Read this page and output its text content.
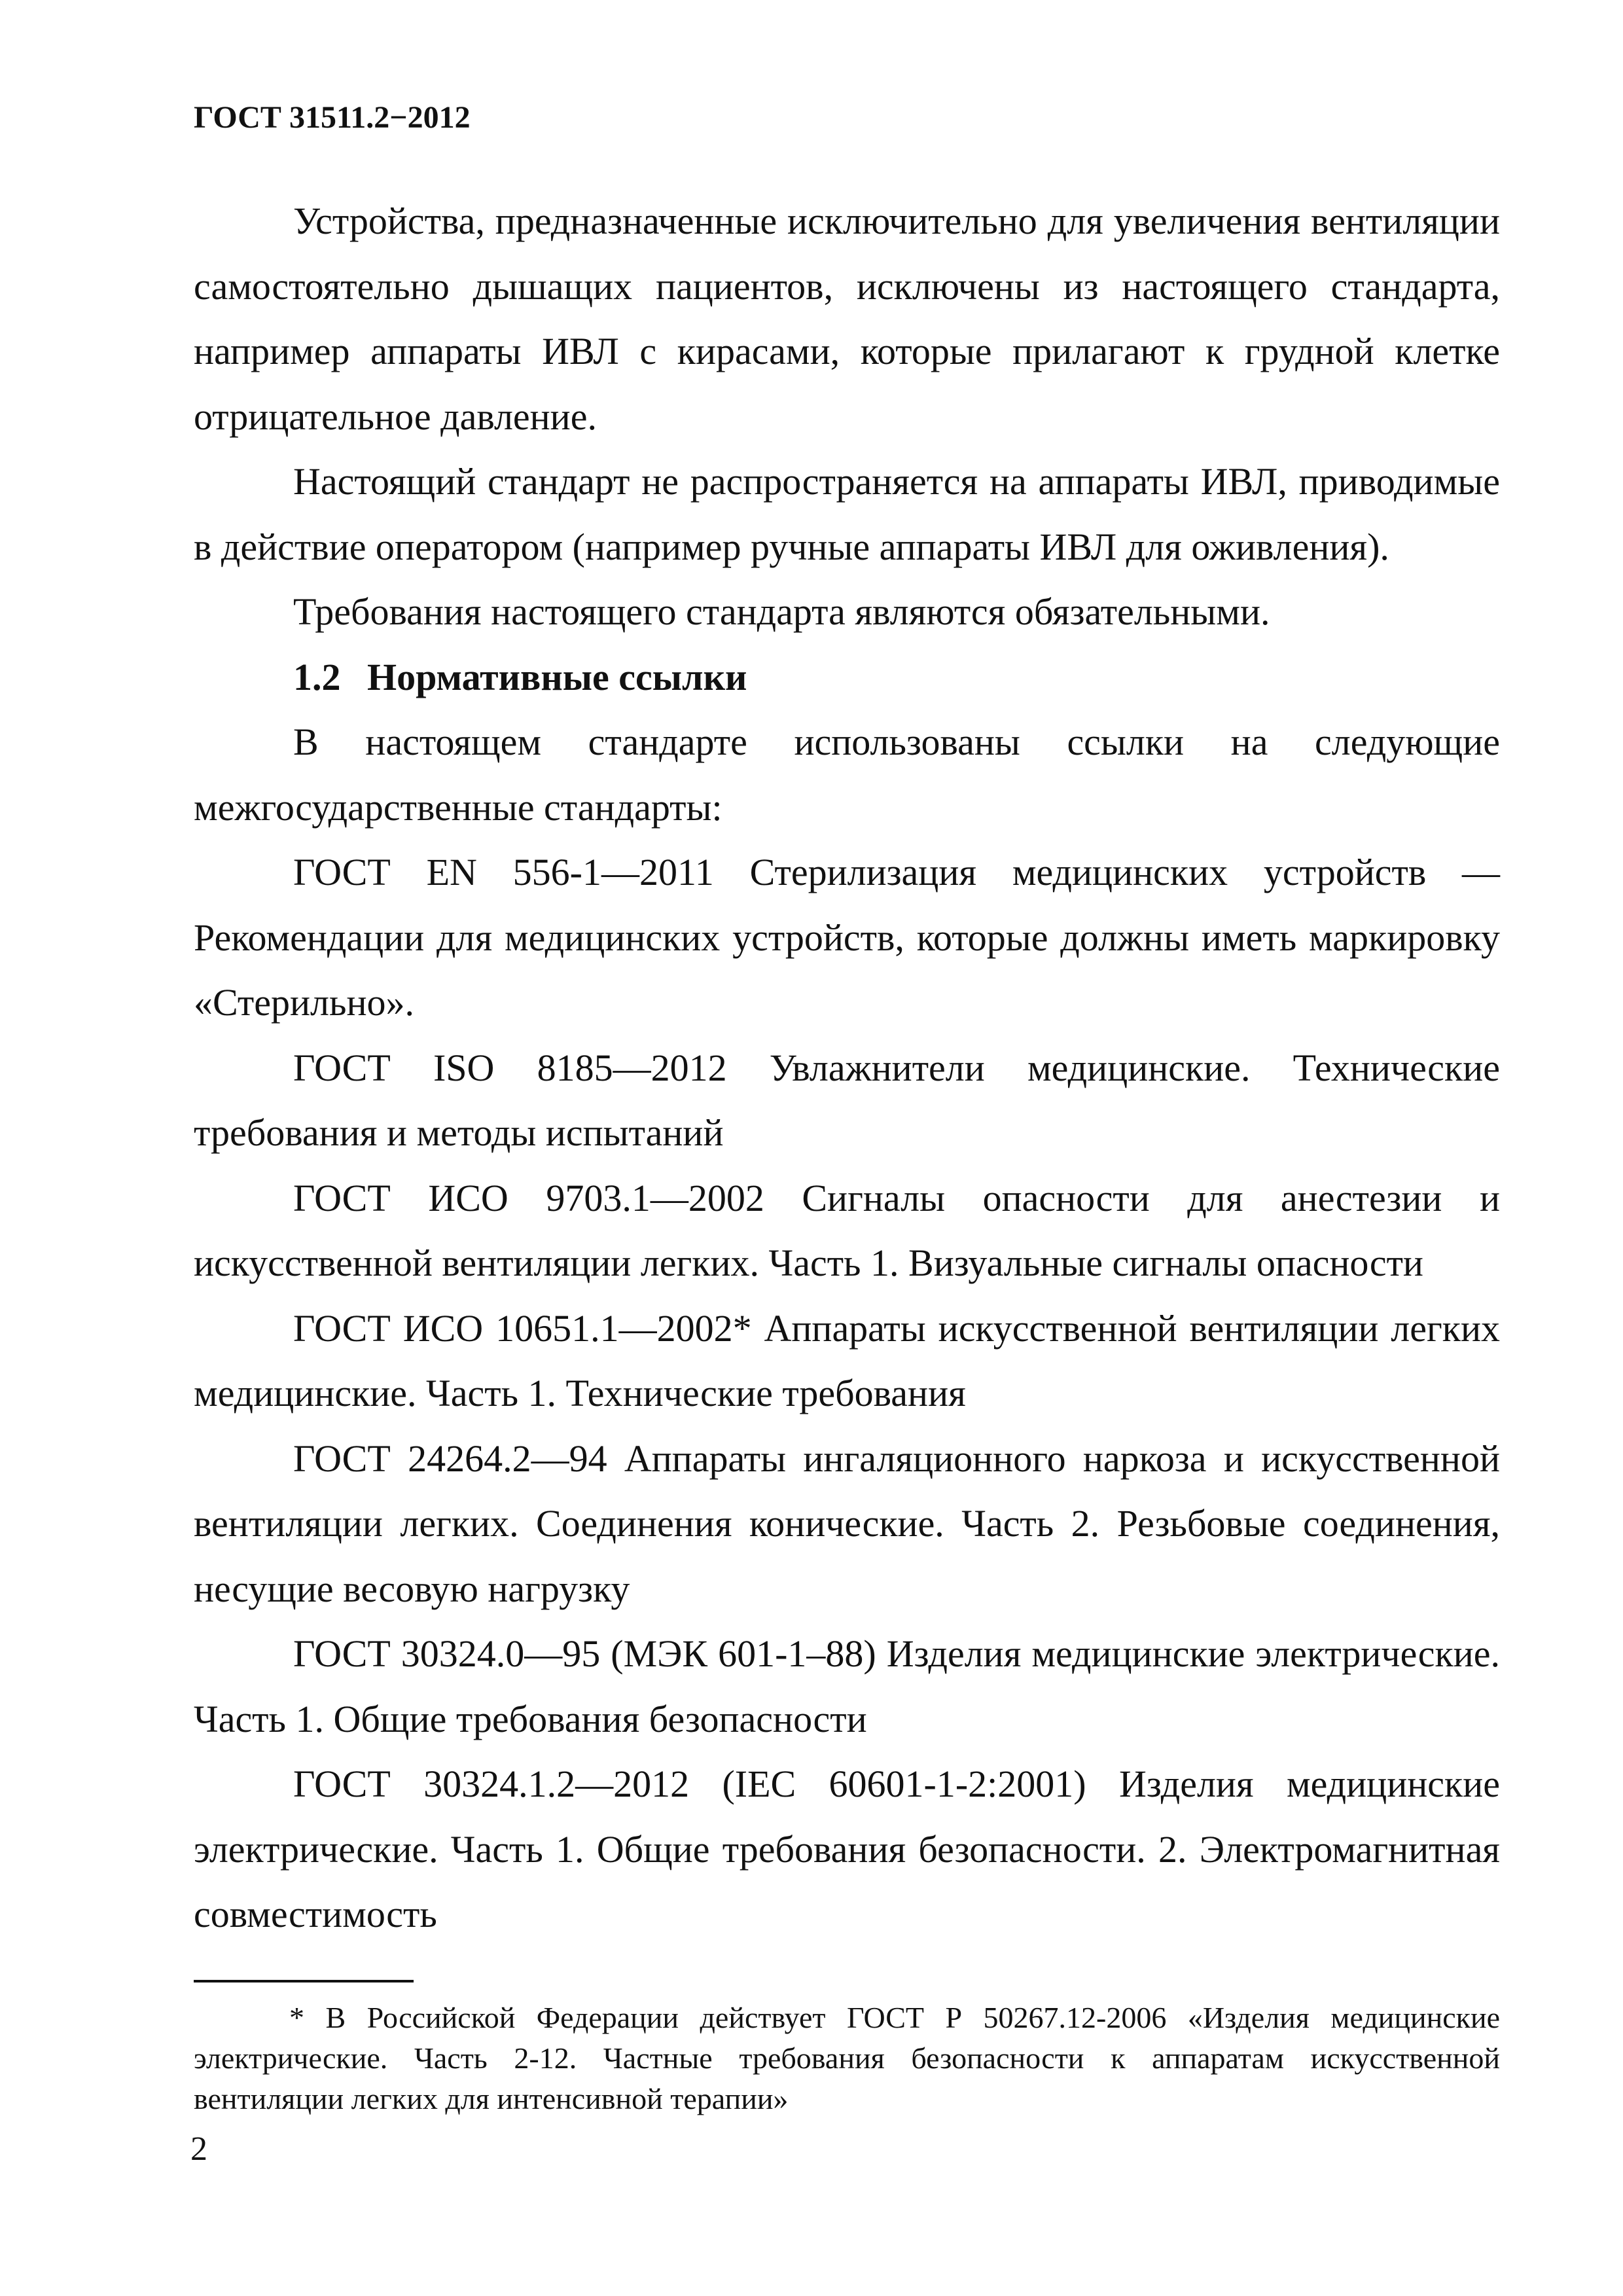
ГОСТ 31511.2−2012

Устройства, предназначенные исключительно для увеличения вентиляции самостоятельно дышащих пациентов, исключены из настоящего стандарта, например аппараты ИВЛ с кирасами, которые прилагают к грудной клетке отрицательное давление.

Настоящий стандарт не распространяется на аппараты ИВЛ, приводимые в действие оператором (например ручные аппараты ИВЛ для оживления).

Требования настоящего стандарта являются обязательными.

1.2 Нормативные ссылки

В настоящем стандарте использованы ссылки на следующие межгосударственные стандарты:

ГОСТ EN 556-1—2011 Стерилизация медицинских устройств — Рекомендации для медицинских устройств, которые должны иметь маркировку «Стерильно».

ГОСТ ISO 8185—2012 Увлажнители медицинские. Технические требования и методы испытаний

ГОСТ ИСО 9703.1—2002 Сигналы опасности для анестезии и искусственной вентиляции легких. Часть 1. Визуальные сигналы опасности

ГОСТ ИСО 10651.1—2002* Аппараты искусственной вентиляции легких медицинские. Часть 1. Технические требования

ГОСТ 24264.2—94 Аппараты ингаляционного наркоза и искусственной вентиляции легких. Соединения конические. Часть 2. Резьбовые соединения, несущие весовую нагрузку

ГОСТ 30324.0—95 (МЭК 601-1–88) Изделия медицинские электрические. Часть 1. Общие требования безопасности

ГОСТ 30324.1.2—2012 (IEC 60601-1-2:2001) Изделия медицинские электрические. Часть 1. Общие требования безопасности. 2. Электромагнитная совместимость

* В Российской Федерации действует ГОСТ Р 50267.12-2006 «Изделия медицинские электрические. Часть 2-12. Частные требования безопасности к аппаратам искусственной вентиляции легких для интенсивной терапии»

2
